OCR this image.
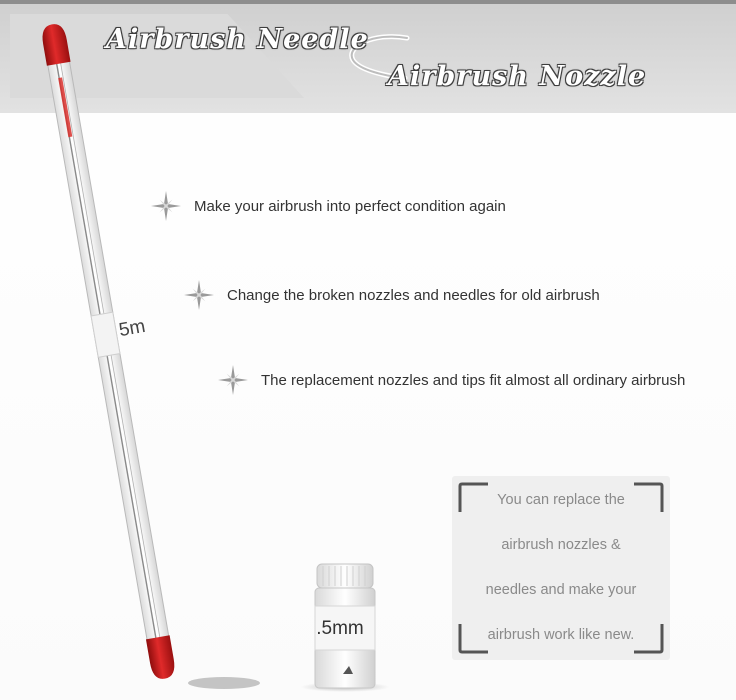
Airbrush Needle
Airbrush Nozzle
5m
Make your airbrush into perfect condition again
Change the broken nozzles and needles for old airbrush
The replacement nozzles and tips fit almost all ordinary airbrush
.5mm
You can replace the
airbrush nozzles &
needles and make your
airbrush work like new.
